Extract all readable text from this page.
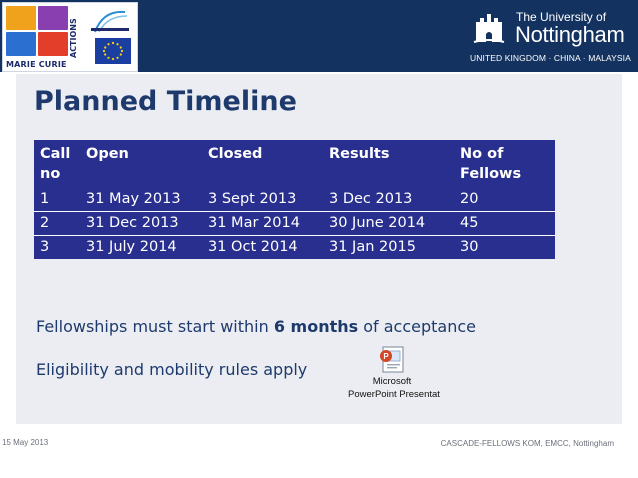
MARIE CURIE
ACTIONS
The University of
Nottingham
UNITED KINGDOM · CHINA · MALAYSIA
Planned Timeline
Call no	Open	Closed	Results	No of Fellows
1	31 May 2013	3 Sept 2013	3 Dec 2013	20
2	31 Dec 2013	31 Mar 2014	30 June 2014	45
3	31 July 2014	31 Oct 2014	31 Jan 2015	30
Fellowships must start within 6 months of acceptance
Eligibility and mobility rules apply
P
Microsoft
PowerPoint Presentat
15 May 2013	CASCADE-FELLOWS KOM, EMCC, Nottingham
